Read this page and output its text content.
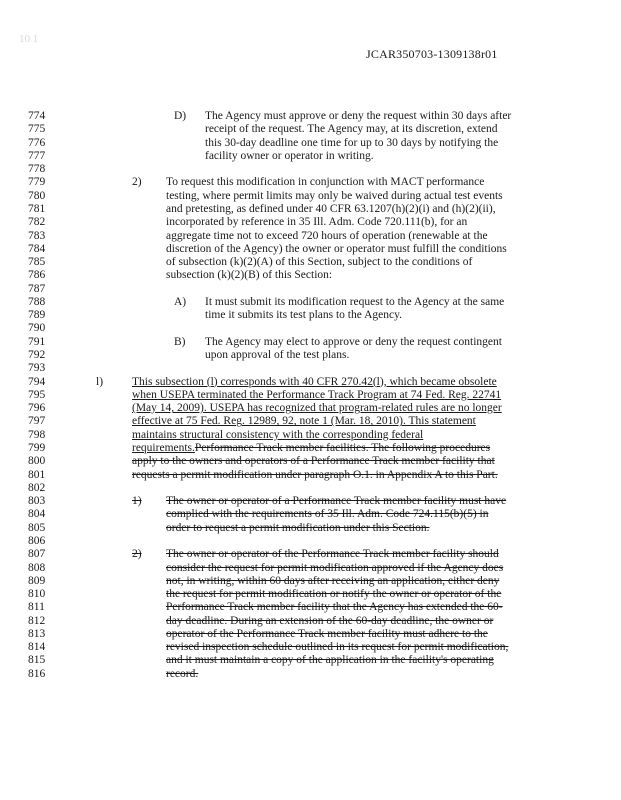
10 1
JCAR350703-1309138r01
774
775
776
777
778
779
780
781
782
783
784
785
786
787
788
789
790
791
792
793
794
795
796
797
798
799
800
801
802
803
804
805
806
807
808
809
810
811
812
813
814
815
816
D) The Agency must approve or deny the request within 30 days after
receipt of the request. The Agency may, at its discretion, extend
this 30-day deadline one time for up to 30 days by notifying the
facility owner or operator in writing.
2) To request this modification in conjunction with MACT performance
testing, where permit limits may only be waived during actual test events
and pretesting, as defined under 40 CFR 63.1207(h)(2)(i) and (h)(2)(ii),
incorporated by reference in 35 Ill. Adm. Code 720.111(b), for an
aggregate time not to exceed 720 hours of operation (renewable at the
discretion of the Agency) the owner or operator must fulfill the conditions
of subsection (k)(2)(A) of this Section, subject to the conditions of
subsection (k)(2)(B) of this Section:
A) It must submit its modification request to the Agency at the same
time it submits its test plans to the Agency.
B) The Agency may elect to approve or deny the request contingent
upon approval of the test plans.
l)	This subsection (l) corresponds with 40 CFR 270.42(l), which became obsolete
when USEPA terminated the Performance Track Program at 74 Fed. Reg. 22741
(May 14, 2009). USEPA has recognized that program-related rules are no longer
effective at 75 Fed. Reg. 12989, 92, note 1 (Mar. 18, 2010). This statement
maintains structural consistency with the corresponding federal
requirements.Performance Track member facilities. The following procedures
apply to the owners and operators of a Performance Track member facility that
requests a permit modification under paragraph O.1. in Appendix A to this Part.
1) The owner or operator of a Performance Track member facility must have
complied with the requirements of 35 Ill. Adm. Code 724.115(b)(5) in
order to request a permit modification under this Section.
2) The owner or operator of the Performance Track member facility should
consider the request for permit modification approved if the Agency does
not, in writing, within 60 days after receiving an application, either deny
the request for permit modification or notify the owner or operator of the
Performance Track member facility that the Agency has extended the 60-
day deadline. During an extension of the 60-day deadline, the owner or
operator of the Performance Track member facility must adhere to the
revised inspection schedule outlined in its request for permit modification,
and it must maintain a copy of the application in the facility's operating
record.
